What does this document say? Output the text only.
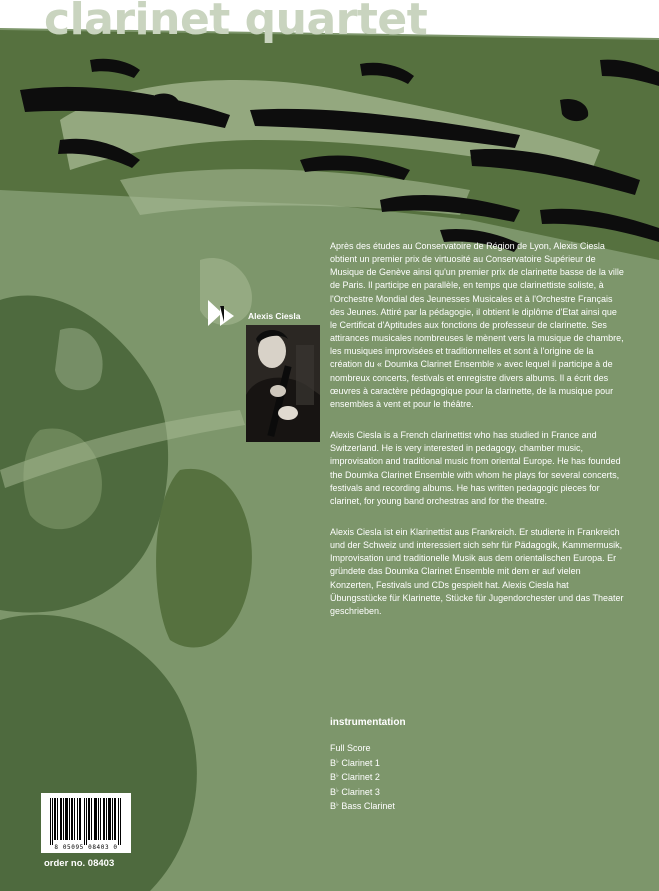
clarinet quartet
Alexis Ciesla

Après des études au Conservatoire de Région de Lyon, Alexis Ciesla obtient un premier prix de virtuosité au Conservatoire Supérieur de Musique de Genève ainsi qu'un premier prix de clarinette basse de la ville de Paris. Il participe en parallèle, en temps que clarinettiste soliste, à l'Orchestre Mondial des Jeunesses Musicales et à l'Orchestre Français des Jeunes. Attiré par la pédagogie, il obtient le diplôme d'Etat ainsi que le Certificat d'Aptitudes aux fonctions de professeur de clarinette. Ses attirances musicales nombreuses le mènent vers la musique de chambre, les musiques improvisées et traditionnelles et sont à l'origine de la création du « Doumka Clarinet Ensemble » avec lequel il participe à de nombreux concerts, festivals et enregistre divers albums. Il a écrit des œuvres à caractère pédagogique pour la clarinette, de la musique pour ensembles à vent et pour le théâtre.

Alexis Ciesla is a French clarinettist who has studied in France and Switzerland. He is very interested in pedagogy, chamber music, improvisation and traditional music from oriental Europe. He has founded the Doumka Clarinet Ensemble with whom he plays for several concerts, festivals and recording albums. He has written pedagogic pieces for clarinet, for young band orchestras and for the theatre.

Alexis Ciesla ist ein Klarinettist aus Frankreich. Er studierte in Frankreich und der Schweiz und interessiert sich sehr für Pädagogik, Kammermusik, Improvisation und traditionelle Musik aus dem orientalischen Europa. Er gründete das Doumka Clarinet Ensemble mit dem er auf vielen Konzerten, Festivals und CDs gespielt hat. Alexis Ciesla hat Übungsstücke für Klarinette, Stücke für Jugendorchester und das Theater geschrieben.

instrumentation
Full Score
B♭ Clarinet 1
B♭ Clarinet 2
B♭ Clarinet 3
B♭ Bass Clarinet
8 05095 08403 0
order no. 08403
